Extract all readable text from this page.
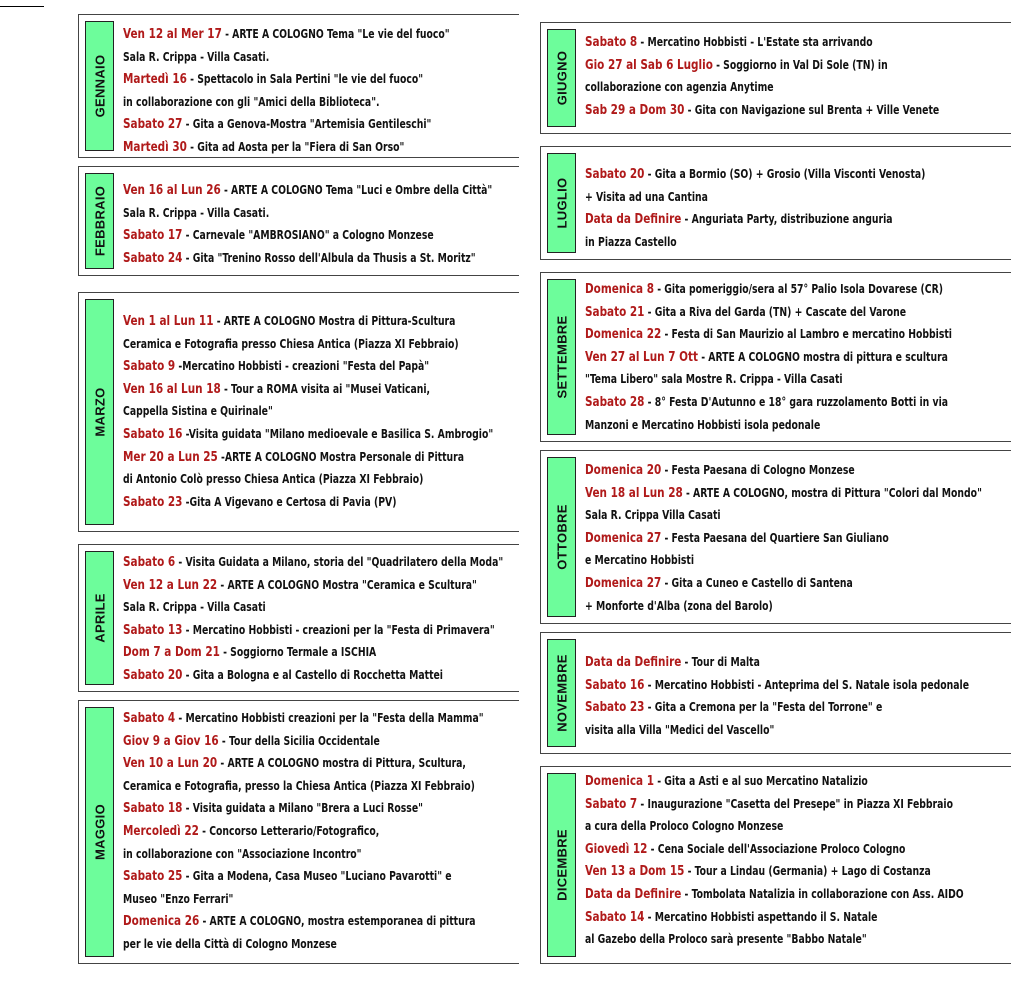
GENNAIO
Ven 12 al Mer 17 - ARTE A COLOGNO Tema "Le vie del fuoco"
Sala R. Crippa - Villa Casati.
Martedì 16 - Spettacolo in Sala Pertini "le vie del fuoco"
in collaborazione con gli "Amici della Biblioteca".
Sabato 27 - Gita a Genova-Mostra "Artemisia Gentileschi"
Martedì 30 - Gita ad Aosta per la "Fiera di San Orso"
FEBBRAIO Ven 16 al Lun 26 - ARTE A COLOGNO Tema "Luci e Ombre della Città"
Sala R. Crippa - Villa Casati.
Sabato 17 - Carnevale "AMBROSIANO" a Cologno Monzese
Sabato 24 - Gita "Trenino Rosso dell'Albula da Thusis a St. Moritz"
MARZO
Ven 1 al Lun 11 - ARTE A COLOGNO Mostra di Pittura-Scultura
Ceramica e Fotografia presso Chiesa Antica (Piazza XI Febbraio)
Sabato 9 -Mercatino Hobbisti - creazioni "Festa del Papà"
Ven 16 al Lun 18 - Tour a ROMA visita ai "Musei Vaticani,
Cappella Sistina e Quirinale"
Sabato 16 -Visita guidata "Milano medioevale e Basilica S. Ambrogio"
Mer 20 a Lun 25 -ARTE A COLOGNO Mostra Personale di Pittura
di Antonio Colò presso Chiesa Antica (Piazza XI Febbraio)
Sabato 23 -Gita A Vigevano e Certosa di Pavia (PV)
APRILE
Sabato 6 - Visita Guidata a Milano, storia del "Quadrilatero della Moda"
Ven 12 a Lun 22 - ARTE A COLOGNO Mostra "Ceramica e Scultura"
Sala R. Crippa - Villa Casati
Sabato 13 - Mercatino Hobbisti - creazioni per la "Festa di Primavera"
Dom 7 a Dom 21 - Soggiorno Termale a ISCHIA
Sabato 20 - Gita a Bologna e al Castello di Rocchetta Mattei
MAGGIO
Sabato 4 - Mercatino Hobbisti creazioni per la "Festa della Mamma"
Giov 9 a Giov 16 - Tour della Sicilia Occidentale
Ven 10 a Lun 20 - ARTE A COLOGNO mostra di Pittura, Scultura,
Ceramica e Fotografia, presso la Chiesa Antica (Piazza XI Febbraio)
Sabato 18 - Visita guidata a Milano "Brera a Luci Rosse"
Mercoledì 22 - Concorso Letterario/Fotografico,
in collaborazione con "Associazione Incontro"
Sabato 25 - Gita a Modena, Casa Museo "Luciano Pavarotti" e
Museo "Enzo Ferrari"
Domenica 26 - ARTE A COLOGNO, mostra estemporanea di pittura
per le vie della Città di Cologno Monzese
GIUGNO
Sabato 8 - Mercatino Hobbisti - L'Estate sta arrivando
Gio 27 al Sab 6 Luglio - Soggiorno in Val Di Sole (TN) in
collaborazione con agenzia Anytime
Sab 29 a Dom 30 - Gita con Navigazione sul Brenta + Ville Venete
LUGLIO
Sabato 20 - Gita a Bormio (SO) + Grosio (Villa Visconti Venosta)
+ Visita ad una Cantina
Data da Definire - Anguriata Party, distribuzione anguria
in Piazza Castello
SETTEMBRE
Domenica 8 - Gita pomeriggio/sera al 57° Palio Isola Dovarese (CR)
Sabato 21 - Gita a Riva del Garda (TN) + Cascate del Varone
Domenica 22 - Festa di San Maurizio al Lambro e mercatino Hobbisti
Ven 27 al Lun 7 Ott - ARTE A COLOGNO mostra di pittura e scultura
"Tema Libero" sala Mostre R. Crippa - Villa Casati
Sabato 28 - 8° Festa D'Autunno e 18° gara ruzzolamento Botti in via
Manzoni e Mercatino Hobbisti isola pedonale
OTTOBRE
Domenica 20 - Festa Paesana di Cologno Monzese
Ven 18 al Lun 28 - ARTE A COLOGNO, mostra di Pittura "Colori dal Mondo"
Sala R. Crippa Villa Casati
Domenica 27 - Festa Paesana del Quartiere San Giuliano
e Mercatino Hobbisti
Domenica 27 - Gita a Cuneo e Castello di Santena
+ Monforte d'Alba (zona del Barolo)
NOVEMBRE Data da Definire - Tour di Malta
Sabato 16 - Mercatino Hobbisti - Anteprima del S. Natale isola pedonale
Sabato 23 - Gita a Cremona per la "Festa del Torrone" e
visita alla Villa "Medici del Vascello"
DICEMBRE
Domenica 1 - Gita a Asti e al suo Mercatino Natalizio
Sabato 7 - Inaugurazione "Casetta del Presepe" in Piazza XI Febbraio
a cura della Proloco Cologno Monzese
Giovedì 12 - Cena Sociale dell'Associazione Proloco Cologno
Ven 13 a Dom 15 - Tour a Lindau (Germania) + Lago di Costanza
Data da Definire - Tombolata Natalizia in collaborazione con Ass. AIDO
Sabato 14 - Mercatino Hobbisti aspettando il S. Natale
al Gazebo della Proloco sarà presente "Babbo Natale"
